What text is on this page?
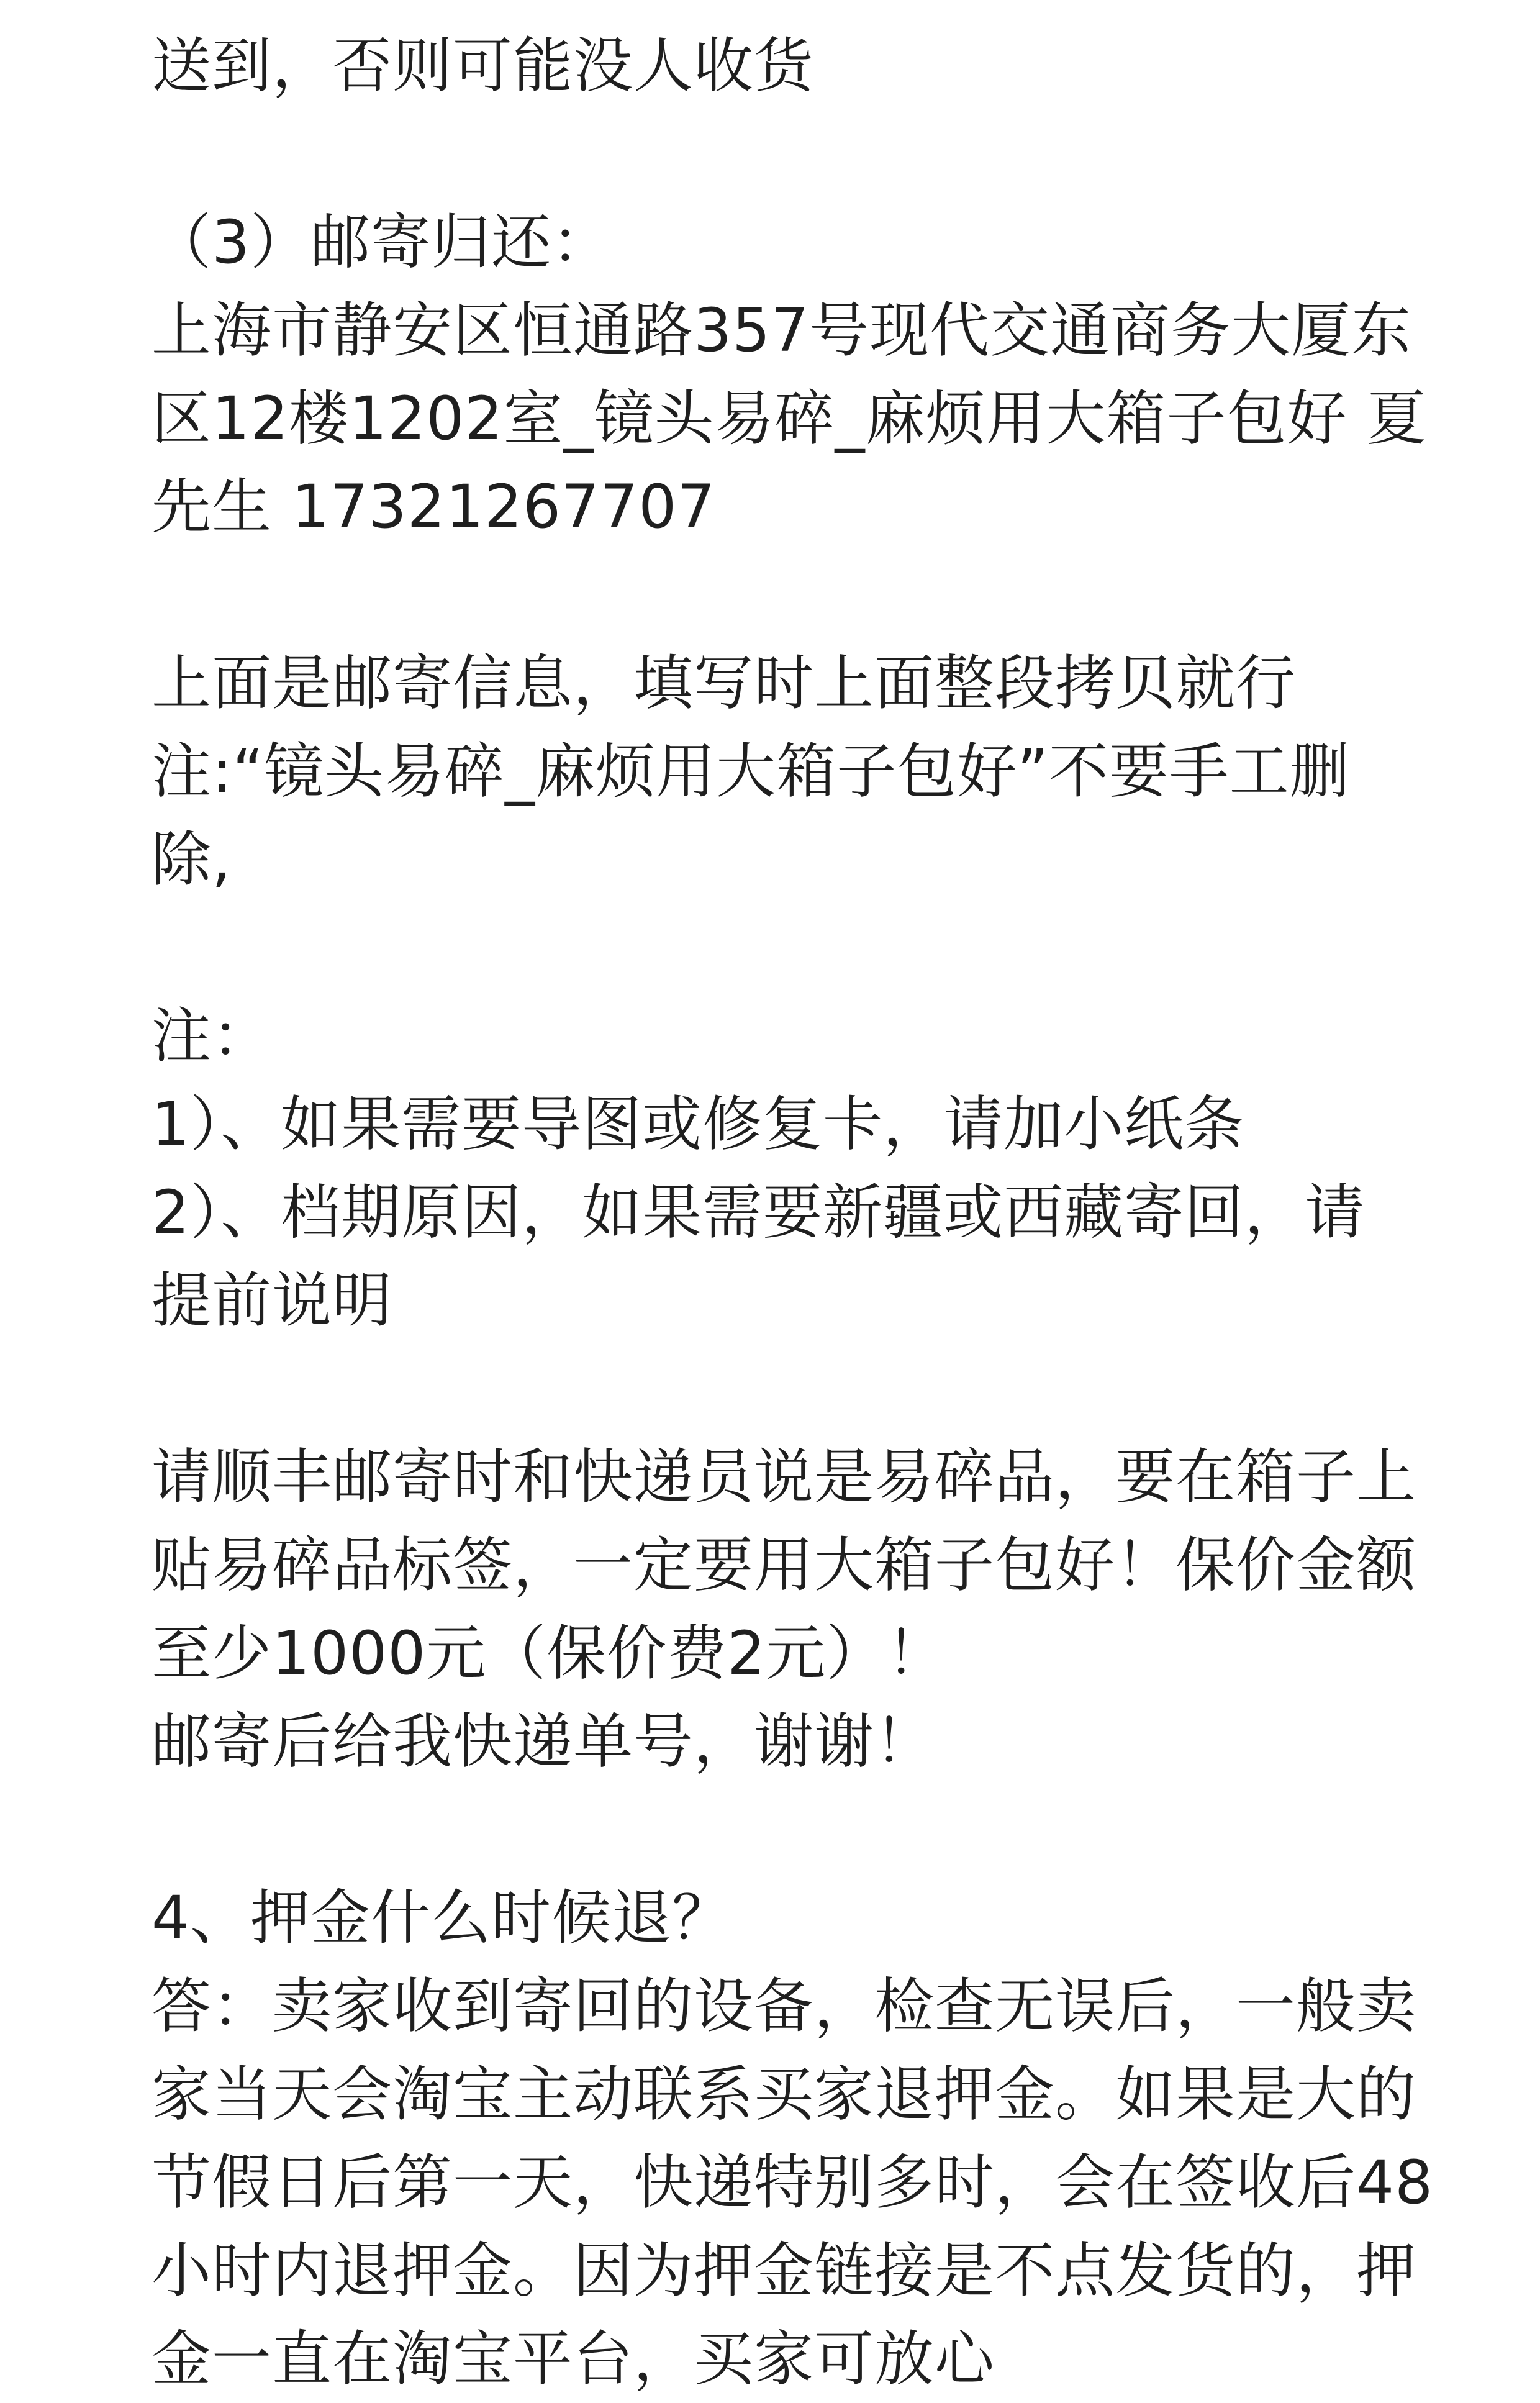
送到，否则可能没人收货
（3）邮寄归还：
上海市静安区恒通路357号现代交通商务大厦东
区12楼1202室_镜头易碎_麻烦用大箱子包好 夏
先生 17321267707
上面是邮寄信息，填写时上面整段拷贝就行
注:“镜头易碎_麻烦用大箱子包好”不要手工删
除,
注：
1）、如果需要导图或修复卡，请加小纸条
2）、档期原因，如果需要新疆或西藏寄回，请
提前说明
请顺丰邮寄时和快递员说是易碎品，要在箱子上
贴易碎品标签，一定要用大箱子包好！保价金额
至少1000元（保价费2元）！
邮寄后给我快递单号，谢谢！
4、押金什么时候退？
答：卖家收到寄回的设备，检查无误后，一般卖
家当天会淘宝主动联系买家退押金。如果是大的
节假日后第一天，快递特别多时，会在签收后48
小时内退押金。因为押金链接是不点发货的，押
金一直在淘宝平台，买家可放心
